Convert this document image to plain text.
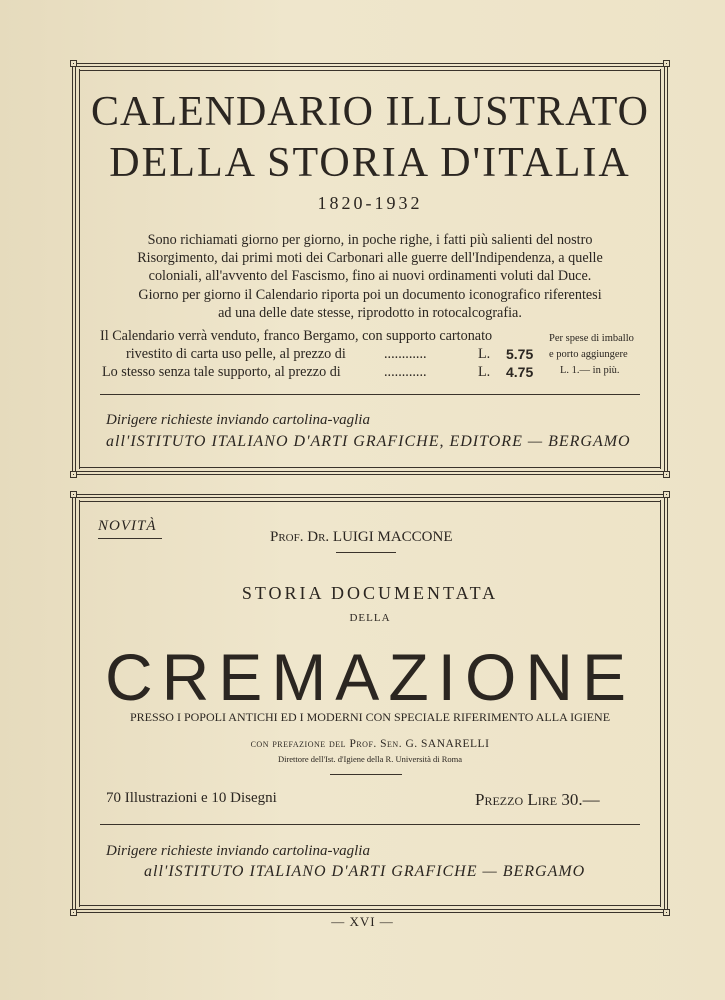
CALENDARIO ILLUSTRATO
DELLA STORIA D'ITALIA
1820-1932
Sono richiamati giorno per giorno, in poche righe, i fatti più salienti del nostro
Risorgimento, dai primi moti dei Carbonari alle guerre dell'Indipendenza, a quelle
coloniali, all'avvento del Fascismo, fino ai nuovi ordinamenti voluti dal Duce.
Giorno per giorno il Calendario riporta poi un documento iconografico riferentesi
ad una delle date stesse, riprodotto in rotocalcografia.
Il Calendario verrà venduto, franco Bergamo, con supporto cartonato
rivestito di carta uso pelle, al prezzo di	............	L. 5.75
Lo stesso senza tale supporto, al prezzo di	............	L. 4.75
Per spese di imballo
e porto aggiungere
L. 1.— in più.
Dirigere richieste inviando cartolina-vaglia
all'ISTITUTO ITALIANO D'ARTI GRAFICHE, EDITORE — BERGAMO
NOVITÀ
Prof. Dr. LUIGI MACCONE
STORIA DOCUMENTATA
DELLA
CREMAZIONE
PRESSO I POPOLI ANTICHI ED I MODERNI CON SPECIALE RIFERIMENTO ALLA IGIENE
con prefazione del Prof. Sen. G. SANARELLI
Direttore dell'Ist. d'Igiene della R. Università di Roma
70 Illustrazioni e 10 Disegni	Prezzo Lire 30.—
Dirigere richieste inviando cartolina-vaglia
all'ISTITUTO ITALIANO D'ARTI GRAFICHE — BERGAMO
— XVI —
